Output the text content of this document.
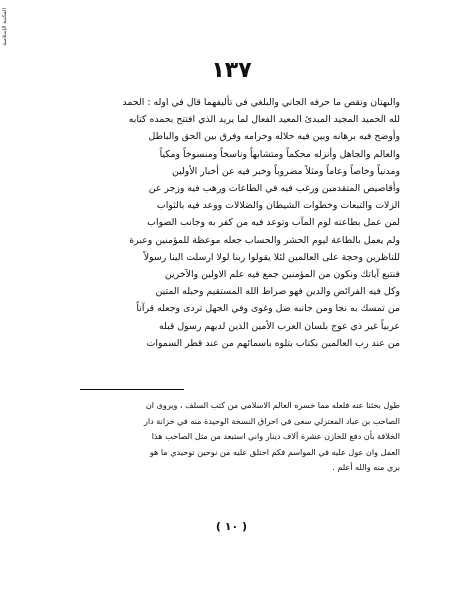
المكتبة الإسلامية
١٣٧
والبهتان ونقص ما حرفه الجاني والبلغي في تأليفهما قال في اوله : الحمد
لله الحميد المجيد المبدئ المعيد الفعال لما يريد الذي افتتح بحمده كتابه
وأوضح فيه برهانه وبين فيه حلاله وحرامه وفرق بين الحق والباطل
والعالم والجاهل وأنزله محكماً ومتشابهاً وناسخاً ومنسوخاً ومكياً
ومدنياً وخاصاً وعاماً ومثلاً مضروباً وخبر فيه عن أخبار الأولين
وأقاصيص المتقدمين ورغب فيه في الطاعات ورهب فيه وزجر عن
الزلات والتبعات وخطوات الشيطان والضلالات ووعد فيه بالثواب
لمن عمل بطاعته لوم المآب وتوعد فيه من كفر به وجانب الصواب
ولم يعمل بالطاعة ليوم الحشر والحساب جعله موعظة للمؤمنين وعبرة
للناظرين وحجة على العالمين لئلا يقولوا ربنا لولا ارسلت الينا رسولاً
فنتبع آياتك ونكون من المؤمنين جمع فيه علم الاولين والآخرين
وكل فيه الفرائض والدين فهو صراط الله المستقيم وحبله المتين
من تمسك به نجا ومن جانبه ضل وغوى وفي الجهل تردى وجعله قرآناً
عربياً غير ذي عوج بلسان العرب الأمين الذين لديهم رسول قبله
من عند رب العالمين بكتاب يتلوه باسمائهم من عند قطر السموات
طول بحثنا عنه فلعله مما خسره العالم الاسلامي من كتب السلف ، ويروى ان
الصاحب بن عباد المعتزلي سعى في احراق النسخة الوحيدة منه في خزانة دار
الخلافة بأن دفع للخازن عشرة آلاف دينار واني استبعد من مثل الصاحب هذا
العمل وان عول عليه في المواسم فكم احتلق عليه من نوحين توحيدي ما هو
بري منه والله أعلم .
( ١٠ )
